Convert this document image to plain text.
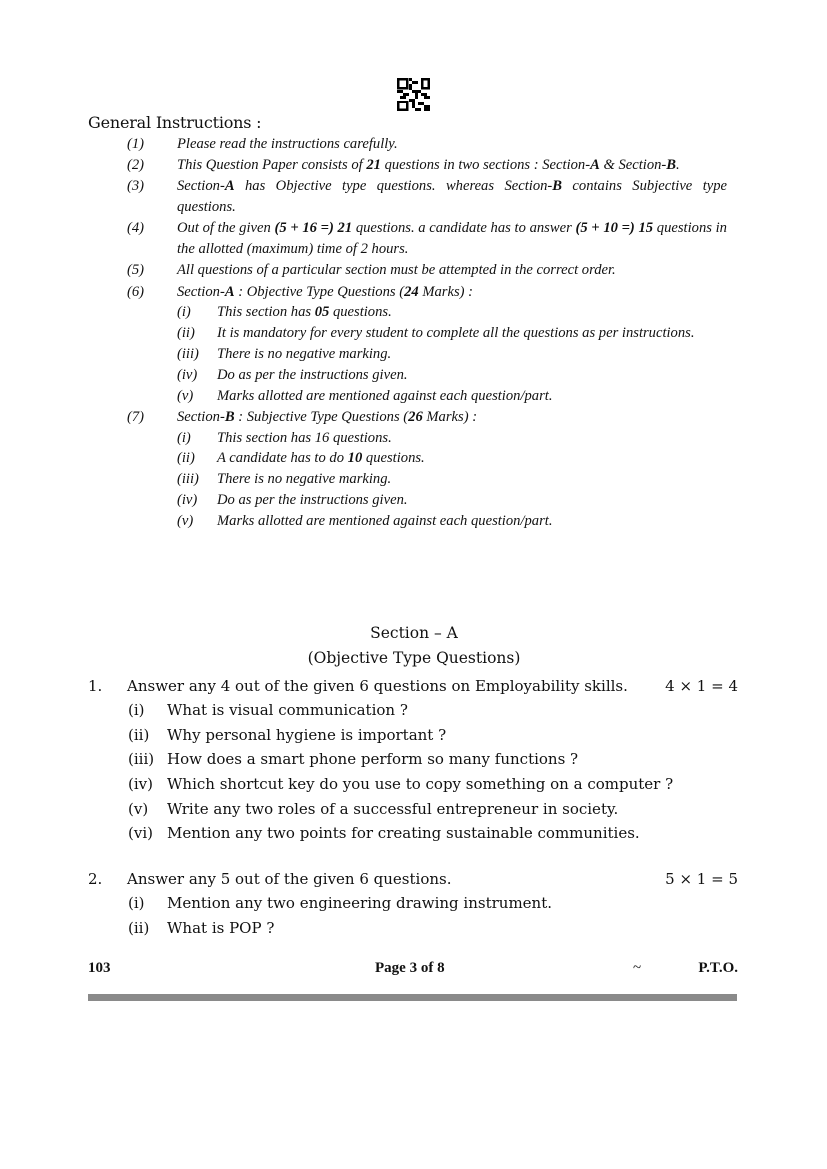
General Instructions :
(1)	Please read the instructions carefully.
(2)	This Question Paper consists of 21 questions in two sections : Section-A & Section-B.
(3)	Section-A has Objective type questions. whereas Section-B contains Subjective type questions.
(4)	Out of the given (5 + 16 =) 21 questions. a candidate has to answer (5 + 10 =) 15 questions in the allotted (maximum) time of 2 hours.
(5)	All questions of a particular section must be attempted in the correct order.
(6)	Section-A : Objective Type Questions (24 Marks) :
(i)	This section has 05 questions.
(ii)	It is mandatory for every student to complete all the questions as per instructions.
(iii)	There is no negative marking.
(iv)	Do as per the instructions given.
(v)	Marks allotted are mentioned against each question/part.
(7)	Section-B : Subjective Type Questions (26 Marks) :
(i)	This section has 16 questions.
(ii)	A candidate has to do 10 questions.
(iii)	There is no negative marking.
(iv)	Do as per the instructions given.
(v)	Marks allotted are mentioned against each question/part.
Section – A
(Objective Type Questions)
1.	Answer any 4 out of the given 6 questions on Employability skills.	4 × 1 = 4
(i)	What is visual communication ?
(ii)	Why personal hygiene is important ?
(iii) How does a smart phone perform so many functions ?
(iv) Which shortcut key do you use to copy something on a computer ?
(v)	Write any two roles of a successful entrepreneur in society.
(vi) Mention any two points for creating sustainable communities.
2.	Answer any 5 out of the given 6 questions.	5 × 1 = 5
(i)	Mention any two engineering drawing instrument.
(ii)	What is POP ?
103	Page 3 of 8	~	P.T.O.
